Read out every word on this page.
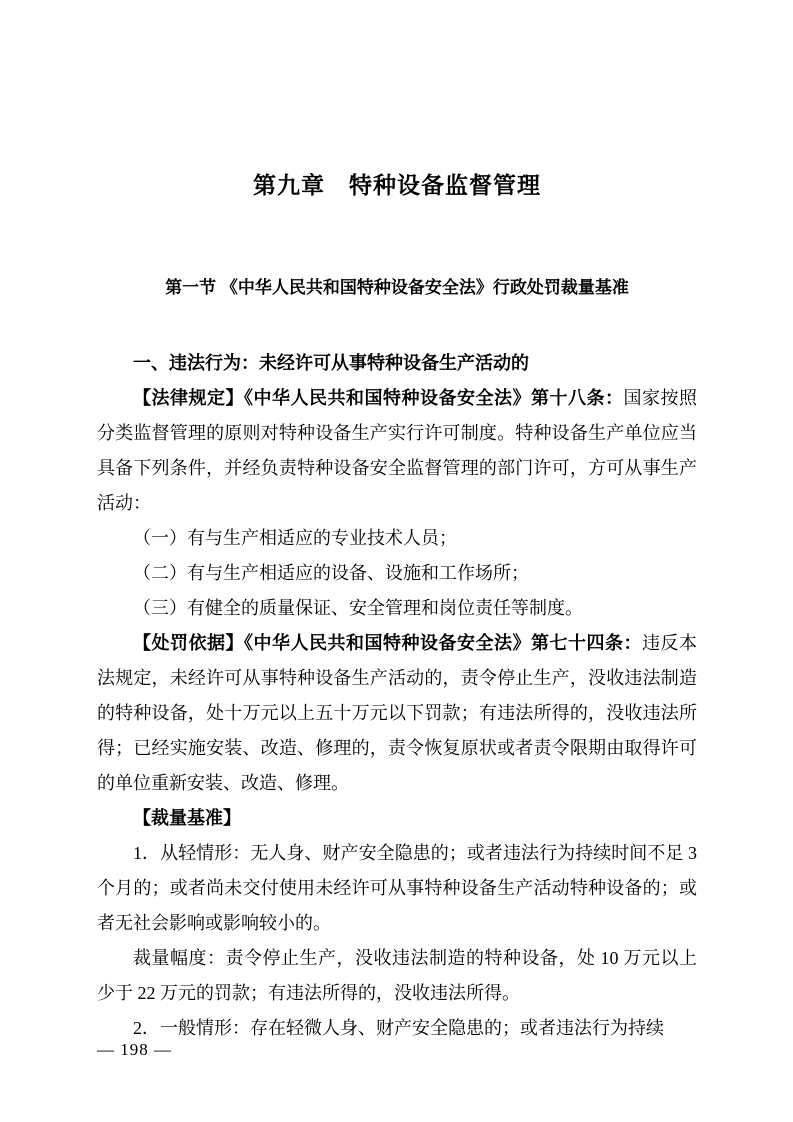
第九章　特种设备监督管理
第一节 《中华人民共和国特种设备安全法》行政处罚裁量基准

一、违法行为：未经许可从事特种设备生产活动的

【法律规定】《中华人民共和国特种设备安全法》第十八条：国家按照分类监督管理的原则对特种设备生产实行许可制度。特种设备生产单位应当具备下列条件，并经负责特种设备安全监督管理的部门许可，方可从事生产活动：

（一）有与生产相适应的专业技术人员；

（二）有与生产相适应的设备、设施和工作场所；

（三）有健全的质量保证、安全管理和岗位责任等制度。

【处罚依据】《中华人民共和国特种设备安全法》第七十四条：违反本法规定，未经许可从事特种设备生产活动的，责令停止生产，没收违法制造的特种设备，处十万元以上五十万元以下罚款；有违法所得的，没收违法所得；已经实施安装、改造、修理的，责令恢复原状或者责令限期由取得许可的单位重新安装、改造、修理。

【裁量基准】

1．从轻情形：无人身、财产安全隐患的；或者违法行为持续时间不足 3 个月的；或者尚未交付使用未经许可从事特种设备生产活动特种设备的；或者无社会影响或影响较小的。

裁量幅度：责令停止生产，没收违法制造的特种设备，处 10 万元以上少于 22 万元的罚款；有违法所得的，没收违法所得。

2．一般情形：存在轻微人身、财产安全隐患的；或者违法行为持续

— 198 —
